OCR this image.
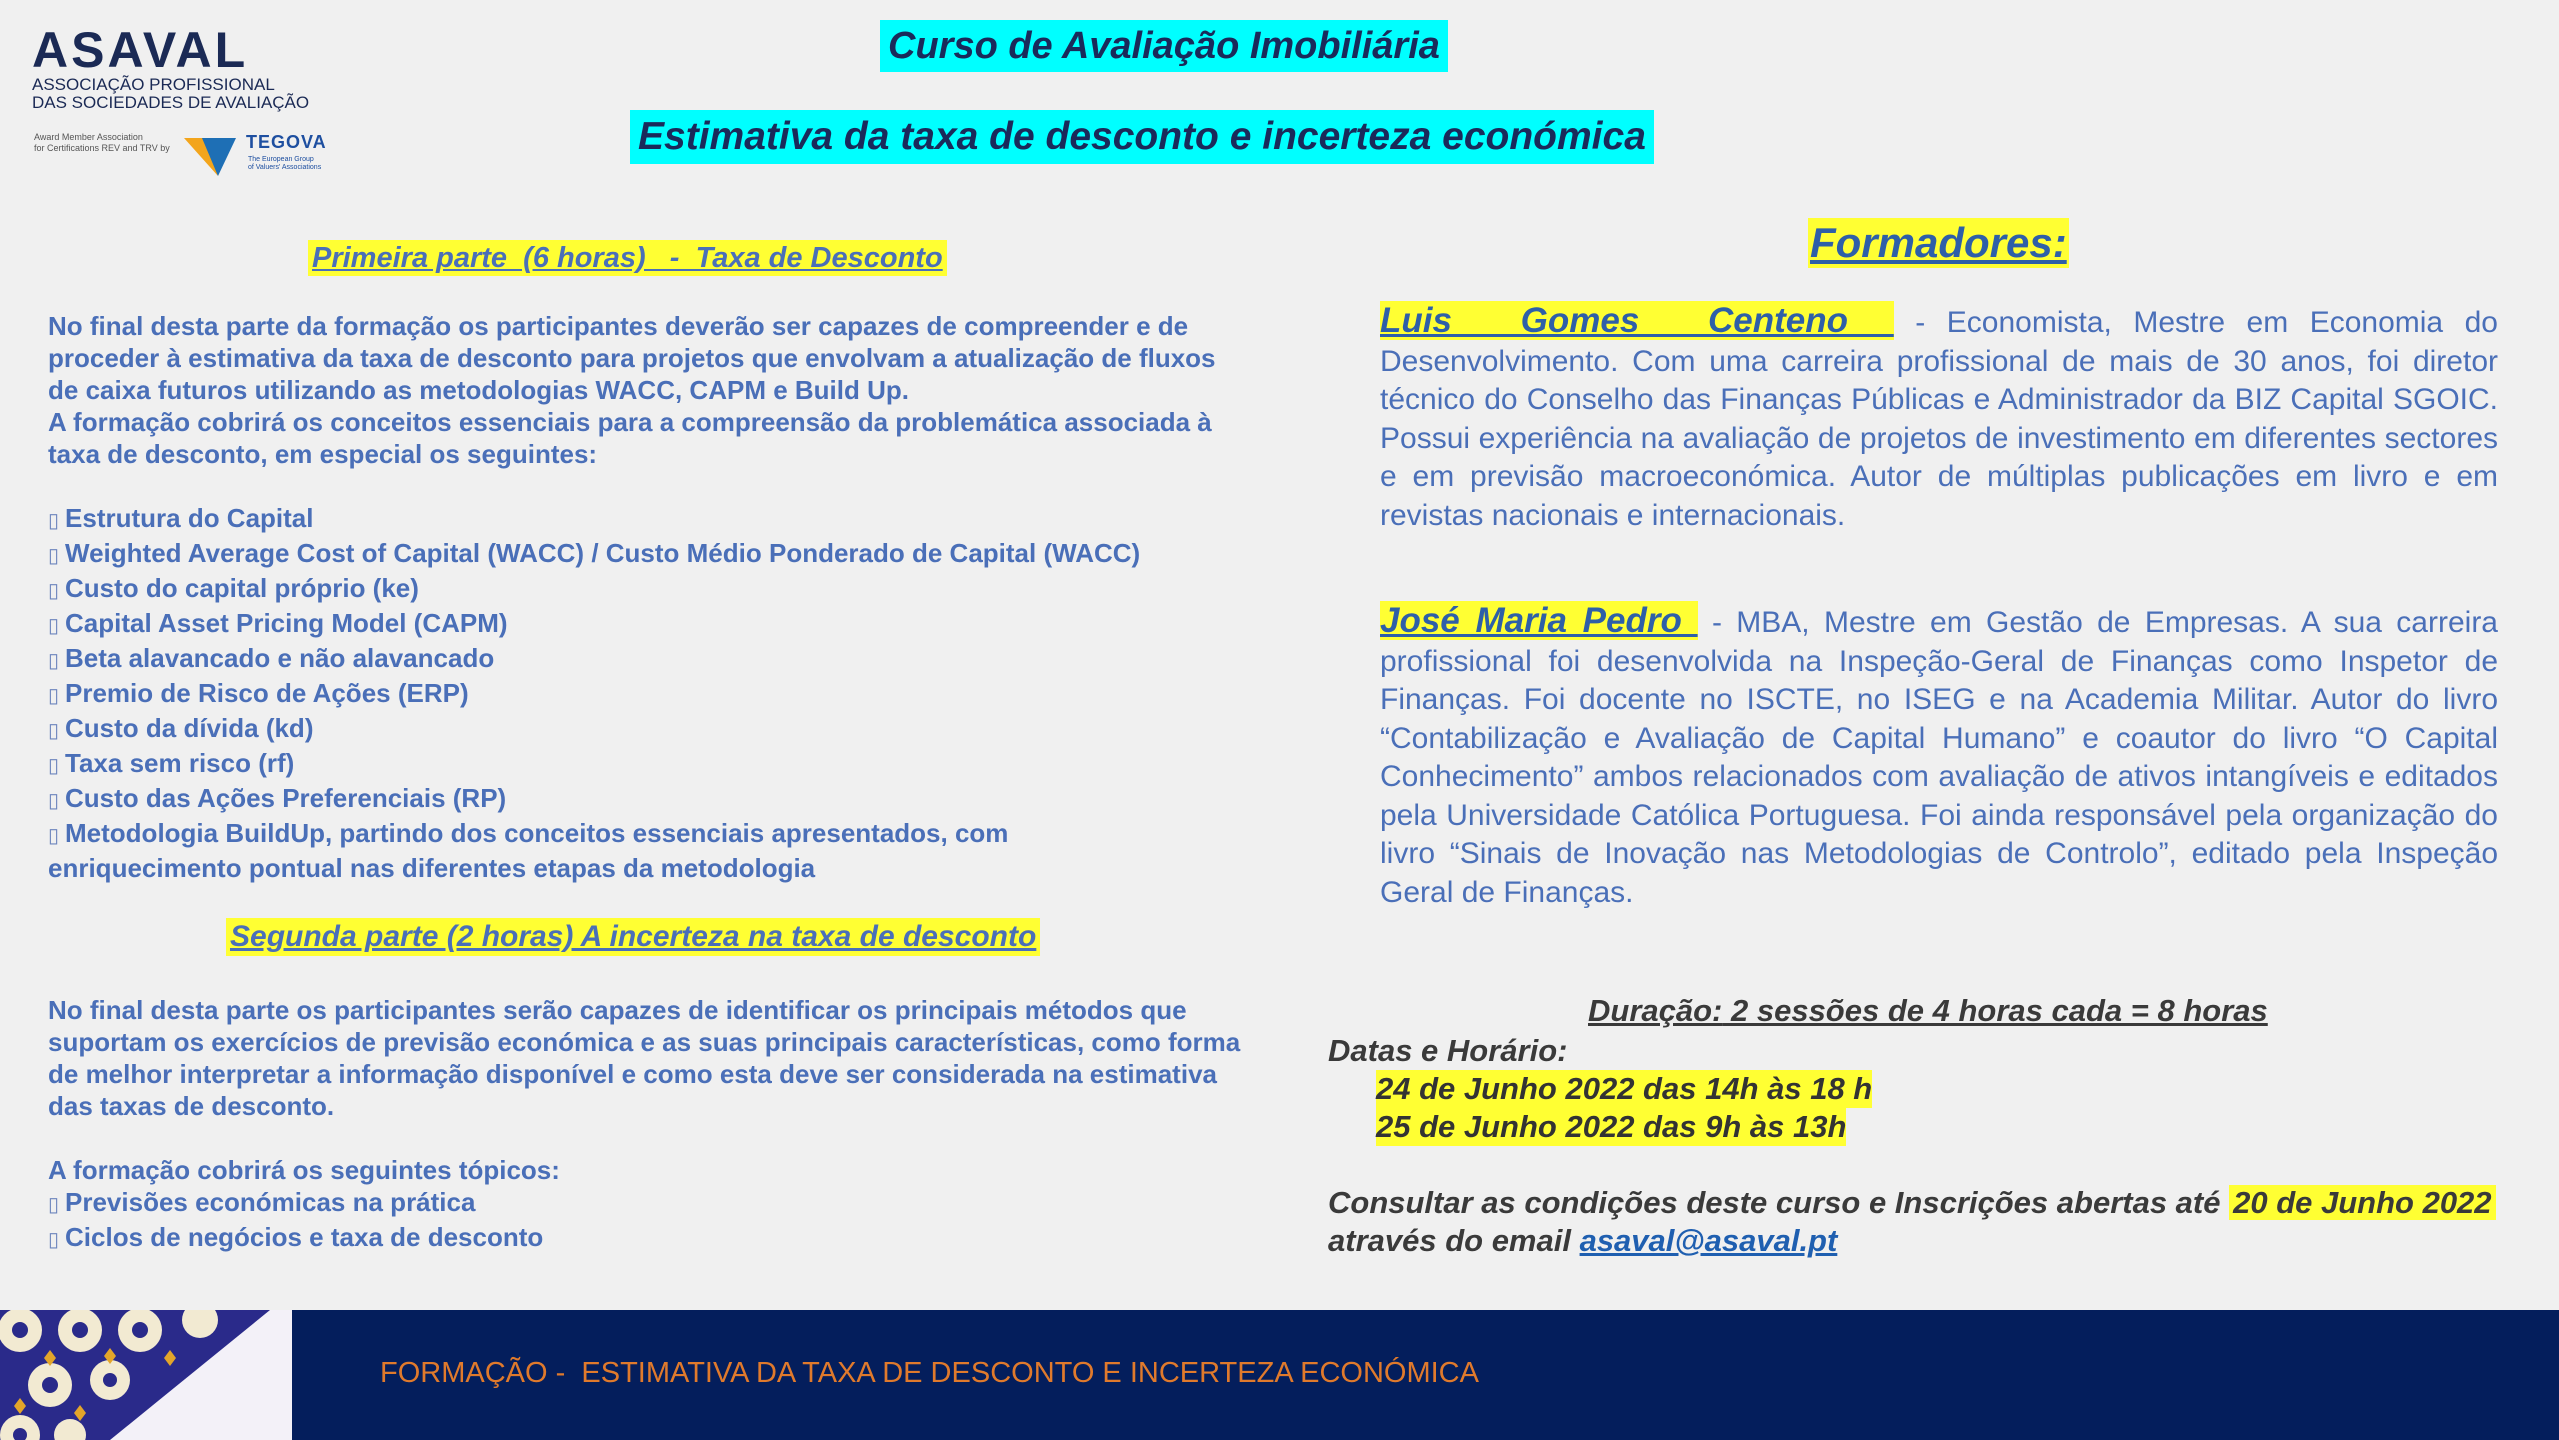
ASAVAL
ASSOCIAÇÃO PROFISSIONAL
DAS SOCIEDADES DE AVALIAÇÃO
Award Member Association
for Certifications REV and TRV by	TEGOVA
The European Group
of Valuers' Associations
Curso de Avaliação Imobiliária
Estimativa da taxa de desconto e incerteza económica
Primeira parte  (6 horas)   -  Taxa de Desconto

No final desta parte da formação os participantes deverão ser capazes de compreender e de proceder à estimativa da taxa de desconto para projetos que envolvam a atualização de fluxos de caixa futuros utilizando as metodologias WACC, CAPM e Build Up.

A formação cobrirá os conceitos essenciais para a compreensão da problemática associada à taxa de desconto, em especial os seguintes:

▯ Estrutura do Capital
▯ Weighted Average Cost of Capital (WACC) / Custo Médio Ponderado de Capital (WACC)
▯ Custo do capital próprio (ke)
▯ Capital Asset Pricing Model (CAPM)
▯ Beta alavancado e não alavancado
▯ Premio de Risco de Ações (ERP)
▯ Custo da dívida (kd)
▯ Taxa sem risco (rf)
▯ Custo das Ações Preferenciais (RP)
▯ Metodologia BuildUp, partindo dos conceitos essenciais apresentados, com enriquecimento pontual nas diferentes etapas da metodologia
Segunda parte (2 horas) A incerteza na taxa de desconto

No final desta parte os participantes serão capazes de identificar os principais métodos que suportam os exercícios de previsão económica e as suas principais características, como forma de melhor interpretar a informação disponível e como esta deve ser considerada na estimativa das taxas de desconto.

A formação cobrirá os seguintes tópicos:

▯ Previsões económicas na prática
▯ Ciclos de negócios e taxa de desconto
Formadores:
Luis   Gomes   Centeno   - Economista, Mestre em Economia do Desenvolvimento. Com uma carreira profissional de mais de 30 anos, foi diretor técnico do Conselho das Finanças Públicas e Administrador da BIZ Capital SGOIC. Possui experiência na avaliação de projetos de investimento em diferentes sectores e em previsão macroeconómica. Autor de múltiplas publicações em livro e em revistas nacionais e internacionais.
José Maria Pedro  - MBA, Mestre em Gestão de Empresas. A sua carreira profissional foi desenvolvida na Inspeção-Geral de Finanças como Inspetor de Finanças. Foi docente no ISCTE, no ISEG e na Academia Militar. Autor do livro “Contabilização e Avaliação de Capital Humano” e coautor do livro “O Capital Conhecimento” ambos relacionados com avaliação de ativos intangíveis e editados pela Universidade Católica Portuguesa. Foi ainda responsável pela organização do livro “Sinais de Inovação nas Metodologias de Controlo”, editado pela Inspeção Geral de Finanças.
Duração: 2 sessões de 4 horas cada = 8 horas
Datas e Horário:
24 de Junho 2022 das 14h às 18 h
25 de Junho 2022 das 9h às 13h
Consultar as condições deste curso e Inscrições abertas até 20 de Junho 2022
através do email asaval@asaval.pt
FORMAÇÃO -  ESTIMATIVA DA TAXA DE DESCONTO E INCERTEZA ECONÓMICA
